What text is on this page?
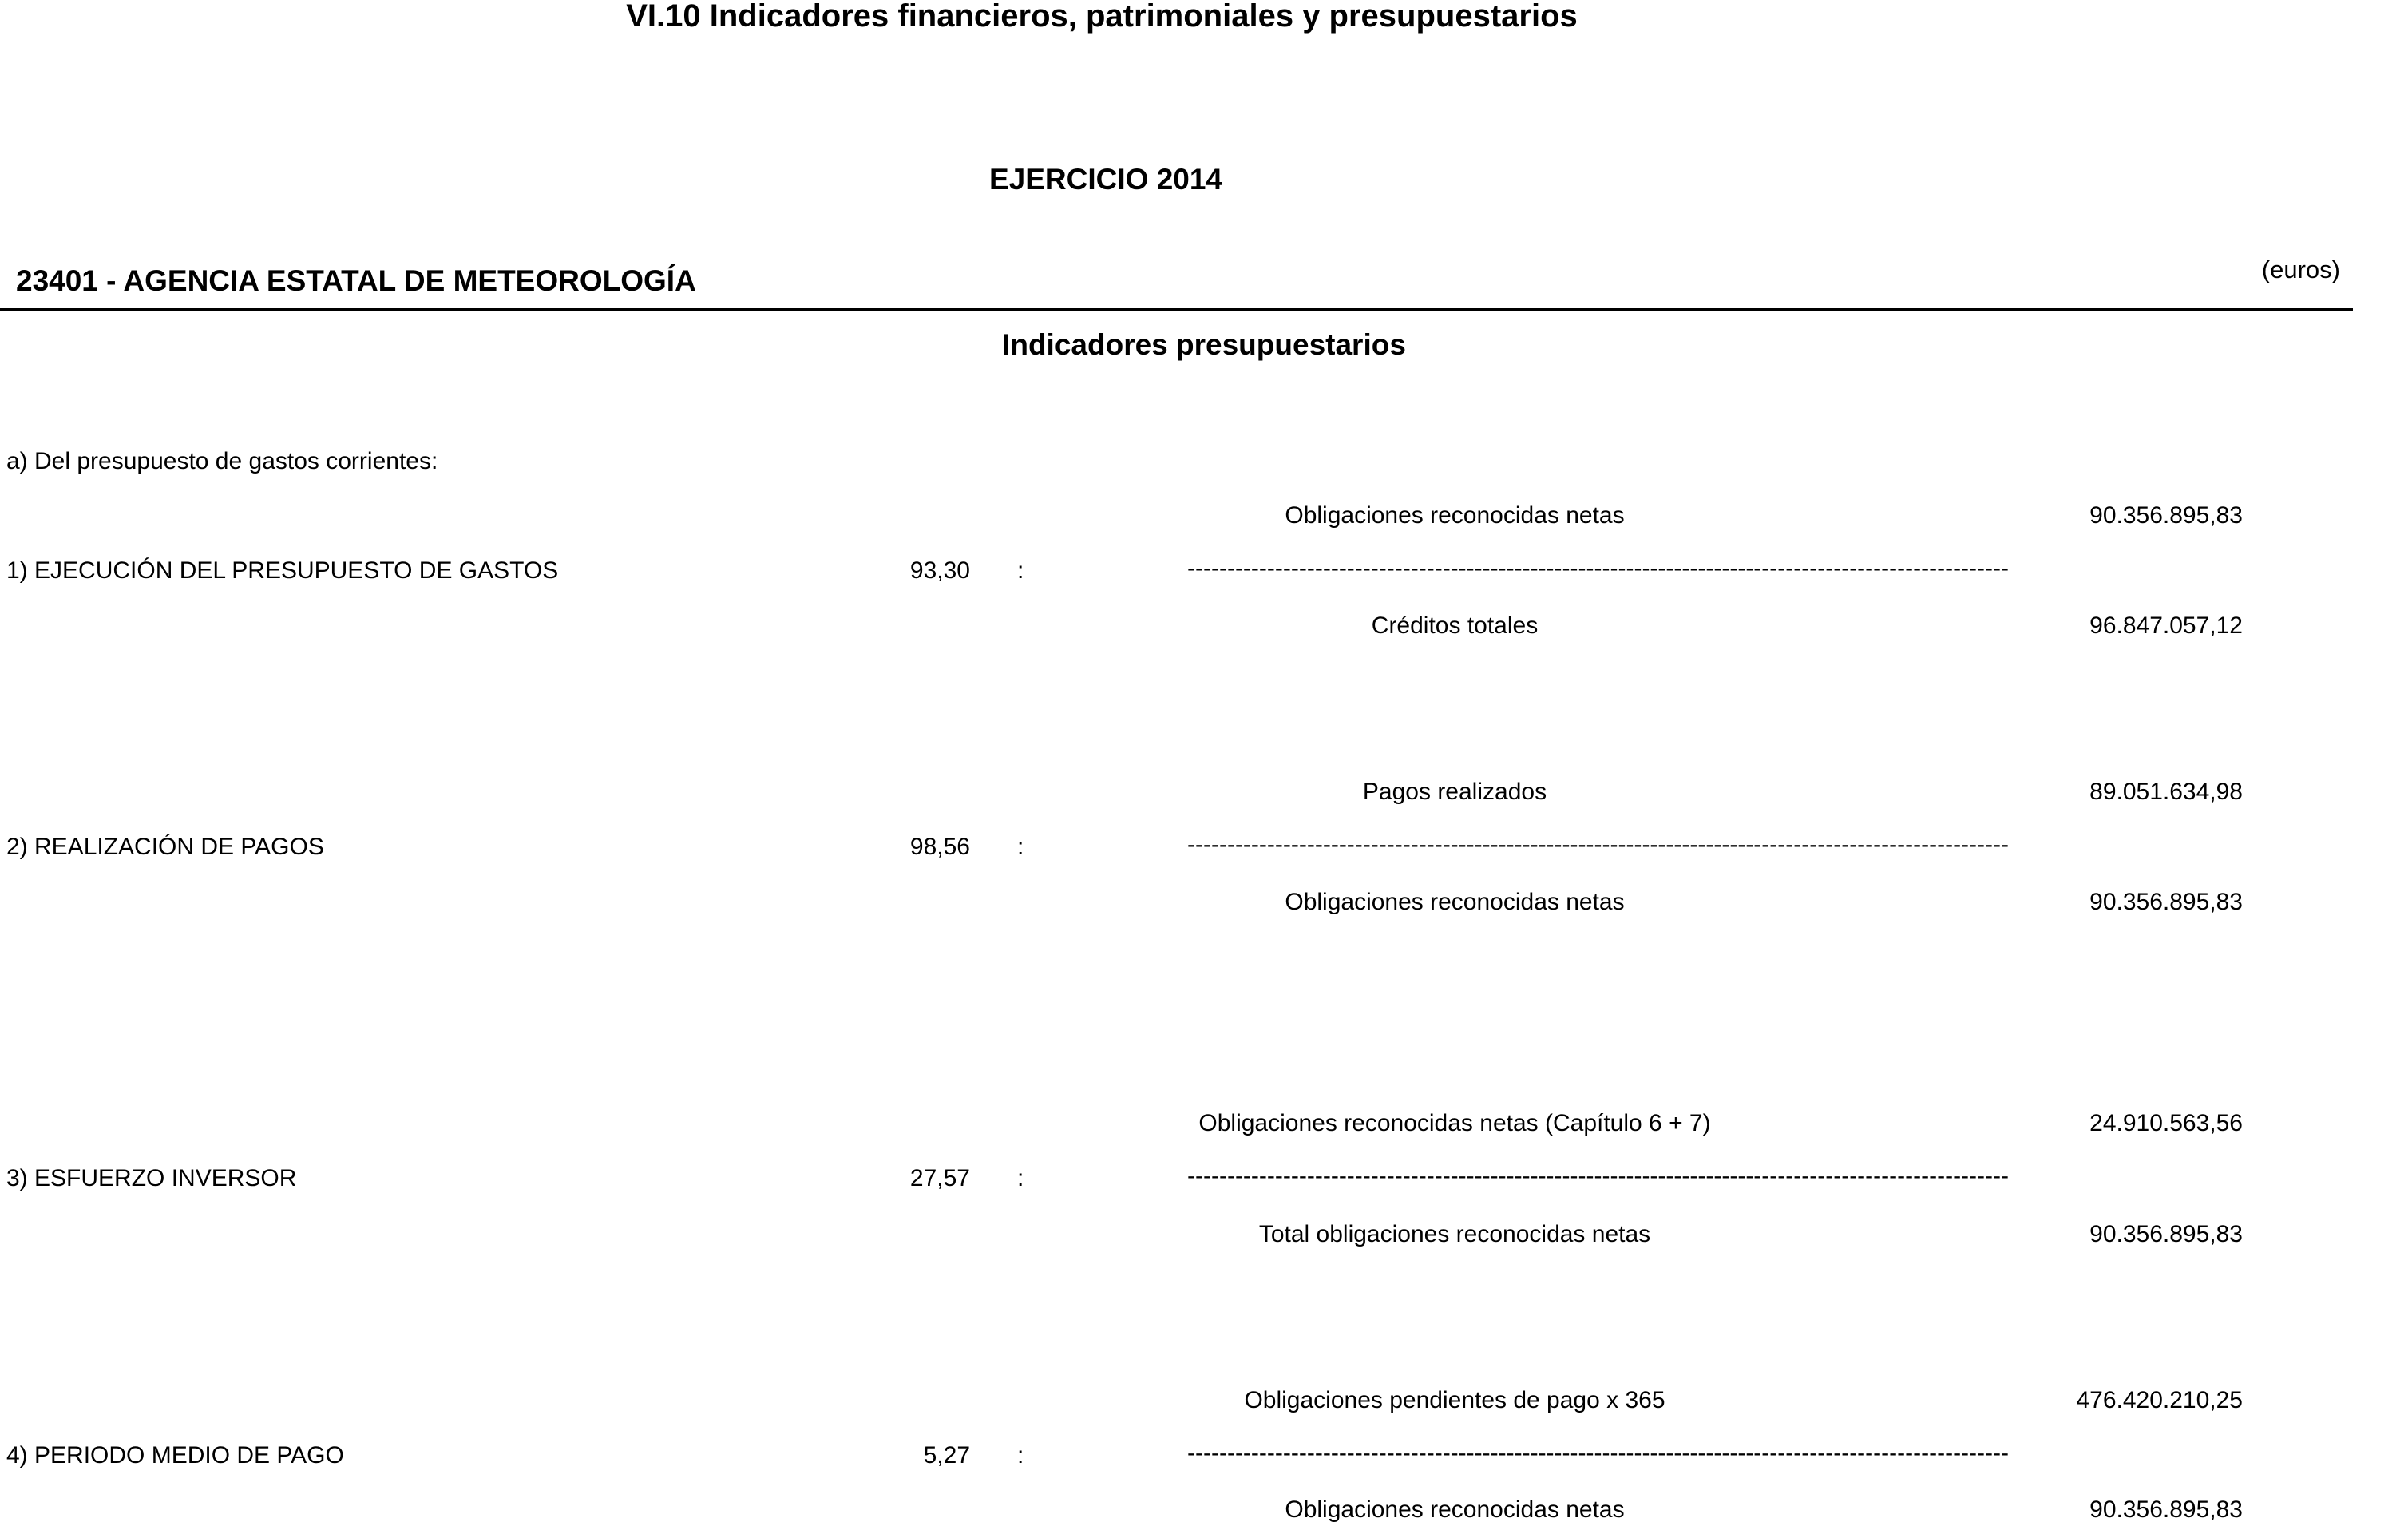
VI.10 Indicadores financieros, patrimoniales y presupuestarios
EJERCICIO 2014
23401 - AGENCIA ESTATAL DE METEOROLOGÍA	(euros)
Indicadores presupuestarios
a) Del presupuesto de gastos corrientes:
Obligaciones reconocidas netas	90.356.895,83
1) EJECUCIÓN DEL PRESUPUESTO DE GASTOS	93,30 :	-------------------------------------------------------------------------------------------------------
Créditos totales	96.847.057,12
Pagos realizados	89.051.634,98
2) REALIZACIÓN DE PAGOS	98,56 :	-------------------------------------------------------------------------------------------------------
Obligaciones reconocidas netas	90.356.895,83
Obligaciones reconocidas netas (Capítulo 6 + 7)	24.910.563,56
3) ESFUERZO INVERSOR	27,57 :	-------------------------------------------------------------------------------------------------------
Total obligaciones reconocidas netas	90.356.895,83
Obligaciones pendientes de pago x 365	476.420.210,25
4) PERIODO MEDIO DE PAGO	5,27 :	-------------------------------------------------------------------------------------------------------
Obligaciones reconocidas netas	90.356.895,83
